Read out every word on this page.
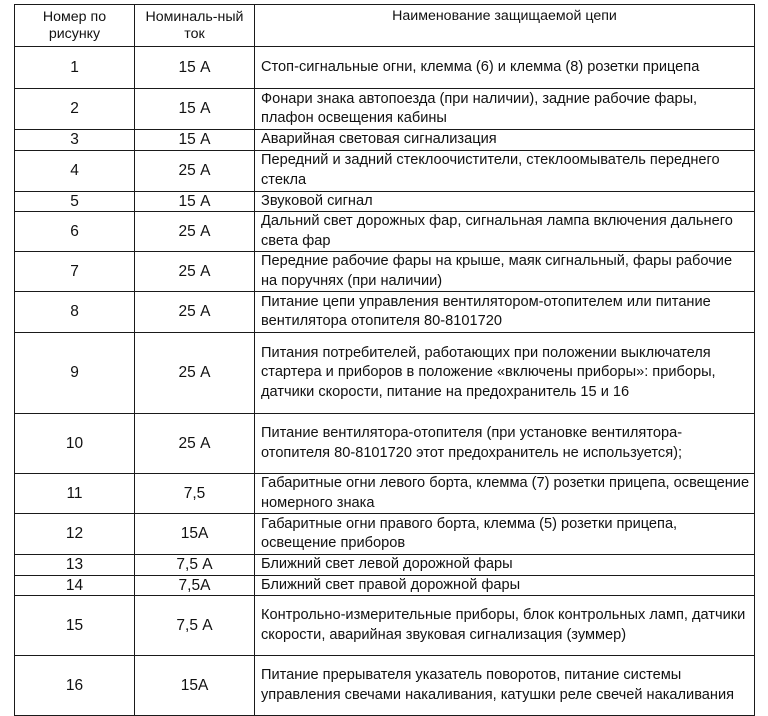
Номер по рисунку	Номиналь-ный ток	Наименование защищаемой цепи
1	15 А	Стоп-сигнальные огни, клемма (6) и клемма (8) розетки прицепа
2	15 А	Фонари знака автопоезда (при наличии), задние рабочие фары, плафон освещения кабины
3	15 А	Аварийная световая сигнализация
4	25 А	Передний и задний стеклоочистители, стеклоомыватель переднего стекла
5	15 А	Звуковой сигнал
6	25 А	Дальний свет дорожных фар, сигнальная лампа включения дальнего света фар
7	25 А	Передние рабочие фары на крыше, маяк сигнальный, фары рабочие на поручнях (при наличии)
8	25 А	Питание цепи управления вентилятором-отопителем или питание вентилятора отопителя 80-8101720
9	25 А	Питания потребителей, работающих при положении выключателя стартера и приборов в положение «включены приборы»: приборы, датчики скорости, питание на предохранитель 15 и 16
10	25 А	Питание вентилятора-отопителя (при установке вентилятора-отопителя 80-8101720 этот предохранитель не используется);
11	7,5	Габаритные огни левого борта, клемма (7) розетки прицепа, освещение номерного знака
12	15А	Габаритные огни правого борта, клемма (5) розетки прицепа, освещение приборов
13	7,5 А	Ближний свет левой дорожной фары
14	7,5А	Ближний свет правой дорожной фары
15	7,5 А	Контрольно-измерительные приборы, блок контрольных ламп, датчики скорости, аварийная звуковая сигнализация (зуммер)
16	15А	Питание прерывателя указатель поворотов, питание системы управления свечами накаливания, катушки реле свечей накаливания
